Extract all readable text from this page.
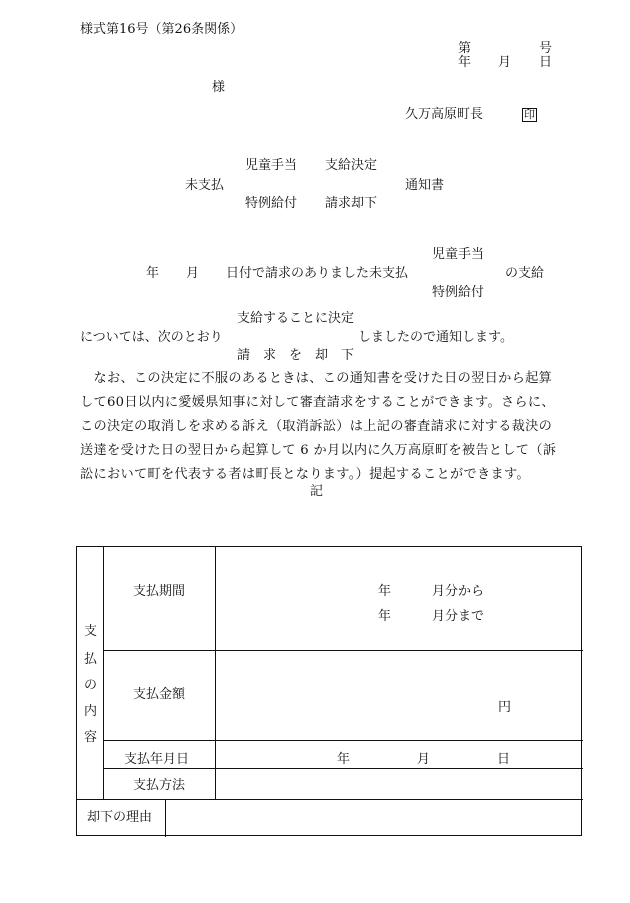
様式第16号（第26条関係）
第	号
年 月 日
様
久万高原町長	印
児童手当 支給決定
未支払	通知書
特例給付 請求却下
児童手当
年 月 日付で請求のありました未支払	の支給
特例給付
支給することに決定
については、次のとおり	しましたので通知します。
請　求　を　却　下
　なお、この決定に不服のあるときは、この通知書を受けた日の翌日から起算
して60日以内に愛媛県知事に対して審査請求をすることができます。さらに、
この決定の取消しを求める訴え（取消訴訟）は上記の審査請求に対する裁決の
送達を受けた日の翌日から起算して 6 か月以内に久万高原町を被告として（訴
訟において町を代表する者は町長となります。）提起することができます。
記
支
払
の
内
容
支払期間	年	月分から
年	月分まで
支払金額
円
支払年月日	年	月	日
支払方法
却下の理由
